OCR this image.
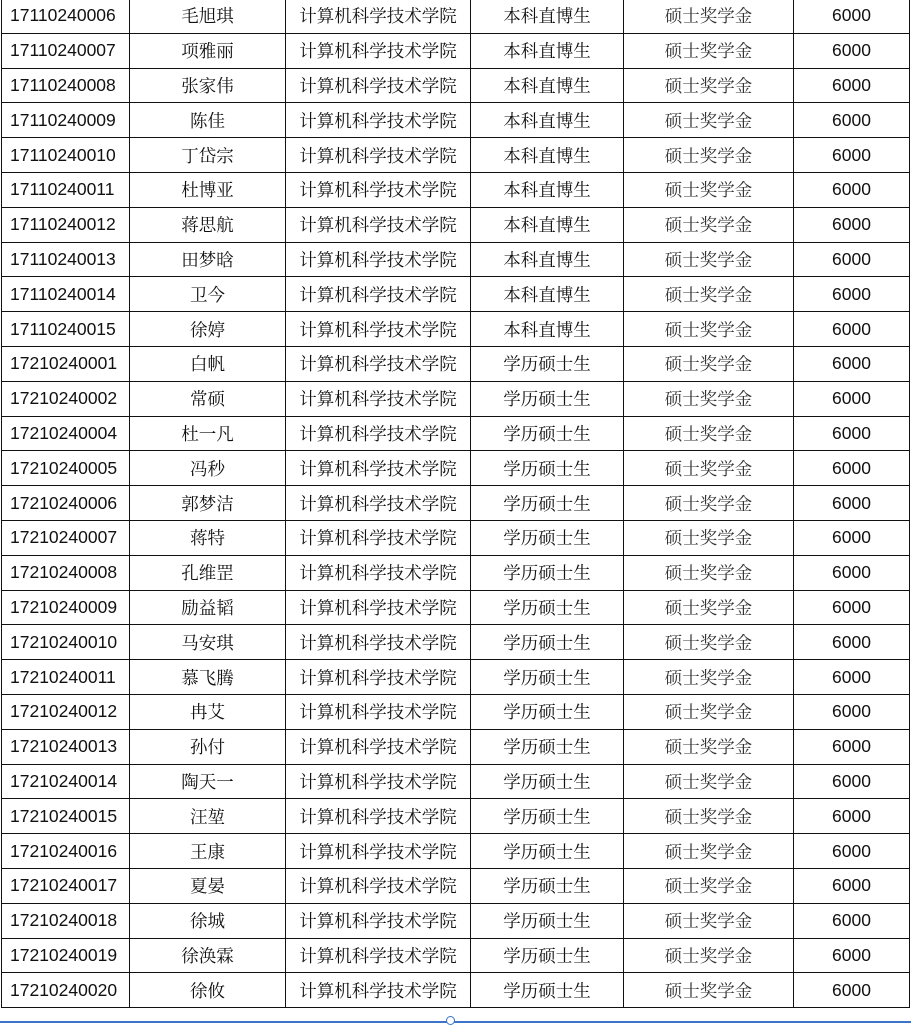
17110240006	毛旭琪	计算机科学技术学院	本科直博生	硕士奖学金	6000
17110240007	项雅丽	计算机科学技术学院	本科直博生	硕士奖学金	6000
17110240008	张家伟	计算机科学技术学院	本科直博生	硕士奖学金	6000
17110240009	陈佳	计算机科学技术学院	本科直博生	硕士奖学金	6000
17110240010	丁岱宗	计算机科学技术学院	本科直博生	硕士奖学金	6000
17110240011	杜博亚	计算机科学技术学院	本科直博生	硕士奖学金	6000
17110240012	蒋思航	计算机科学技术学院	本科直博生	硕士奖学金	6000
17110240013	田梦晗	计算机科学技术学院	本科直博生	硕士奖学金	6000
17110240014	卫今	计算机科学技术学院	本科直博生	硕士奖学金	6000
17110240015	徐婷	计算机科学技术学院	本科直博生	硕士奖学金	6000
17210240001	白帆	计算机科学技术学院	学历硕士生	硕士奖学金	6000
17210240002	常硕	计算机科学技术学院	学历硕士生	硕士奖学金	6000
17210240004	杜一凡	计算机科学技术学院	学历硕士生	硕士奖学金	6000
17210240005	冯秒	计算机科学技术学院	学历硕士生	硕士奖学金	6000
17210240006	郭梦洁	计算机科学技术学院	学历硕士生	硕士奖学金	6000
17210240007	蒋特	计算机科学技术学院	学历硕士生	硕士奖学金	6000
17210240008	孔维罡	计算机科学技术学院	学历硕士生	硕士奖学金	6000
17210240009	励益韬	计算机科学技术学院	学历硕士生	硕士奖学金	6000
17210240010	马安琪	计算机科学技术学院	学历硕士生	硕士奖学金	6000
17210240011	慕飞腾	计算机科学技术学院	学历硕士生	硕士奖学金	6000
17210240012	冉艾	计算机科学技术学院	学历硕士生	硕士奖学金	6000
17210240013	孙付	计算机科学技术学院	学历硕士生	硕士奖学金	6000
17210240014	陶天一	计算机科学技术学院	学历硕士生	硕士奖学金	6000
17210240015	汪堃	计算机科学技术学院	学历硕士生	硕士奖学金	6000
17210240016	王康	计算机科学技术学院	学历硕士生	硕士奖学金	6000
17210240017	夏晏	计算机科学技术学院	学历硕士生	硕士奖学金	6000
17210240018	徐城	计算机科学技术学院	学历硕士生	硕士奖学金	6000
17210240019	徐涣霖	计算机科学技术学院	学历硕士生	硕士奖学金	6000
17210240020	徐攸	计算机科学技术学院	学历硕士生	硕士奖学金	6000
